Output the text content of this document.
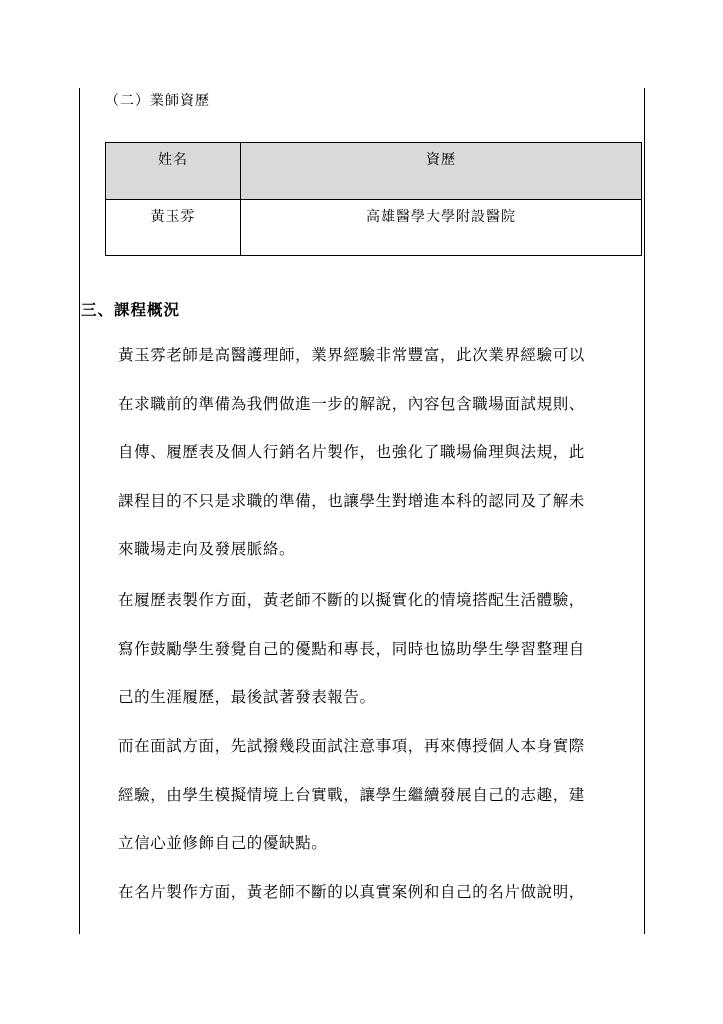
（二）業師資歷
姓名	資歷
黃玉雰	高雄醫學大學附設醫院
三、課程概況

黃玉雰老師是高醫護理師，業界經驗非常豐富，此次業界經驗可以
在求職前的準備為我們做進一步的解說，內容包含職場面試規則、
自傳、履歷表及個人行銷名片製作，也強化了職場倫理與法規，此
課程目的不只是求職的準備，也讓學生對增進本科的認同及了解未
來職場走向及發展脈絡。

在履歷表製作方面，黃老師不斷的以擬實化的情境搭配生活體驗，
寫作鼓勵學生發覺自己的優點和專長，同時也協助學生學習整理自
己的生涯履歷，最後試著發表報告。

而在面試方面，先試撥幾段面試注意事項，再來傳授個人本身實際
經驗，由學生模擬情境上台實戰，讓學生繼續發展自己的志趣，建
立信心並修飾自己的優缺點。

在名片製作方面，黃老師不斷的以真實案例和自己的名片做說明，
